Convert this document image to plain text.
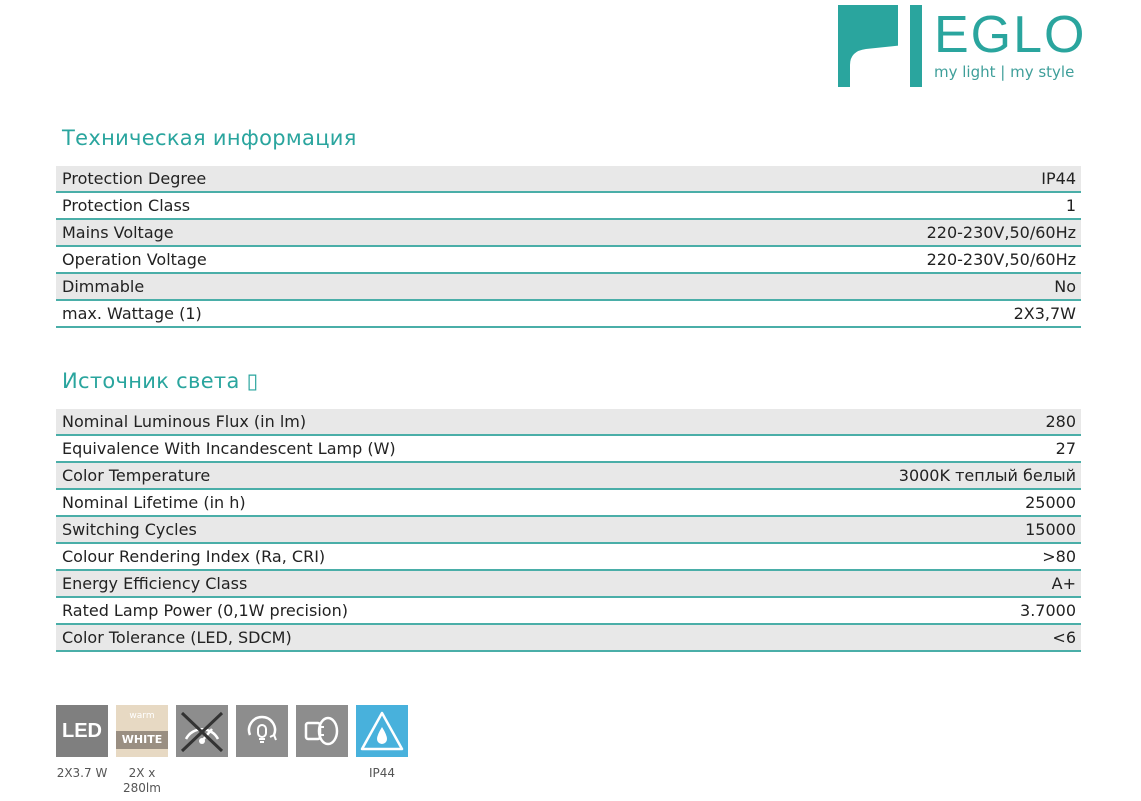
EGLO
my light | my style
Техническая информация
Protection Degree	IP44
Protection Class	1
Mains Voltage	220-230V,50/60Hz
Operation Voltage	220-230V,50/60Hz
Dimmable	No
max. Wattage (1)	2X3,7W
Источник света ▯
Nominal Luminous Flux (in lm)	280
Equivalence With Incandescent Lamp (W)	27
Color Temperature	3000K теплый белый
Nominal Lifetime (in h)	25000
Switching Cycles	15000
Colour Rendering Index (Ra, CRI)	>80
Energy Efficiency Class	A+
Rated Lamp Power (0,1W precision)	3.7000
Color Tolerance (LED, SDCM)	<6
LED
warm
WHITE
2X3.7 W	2X x 280lm
IP44
